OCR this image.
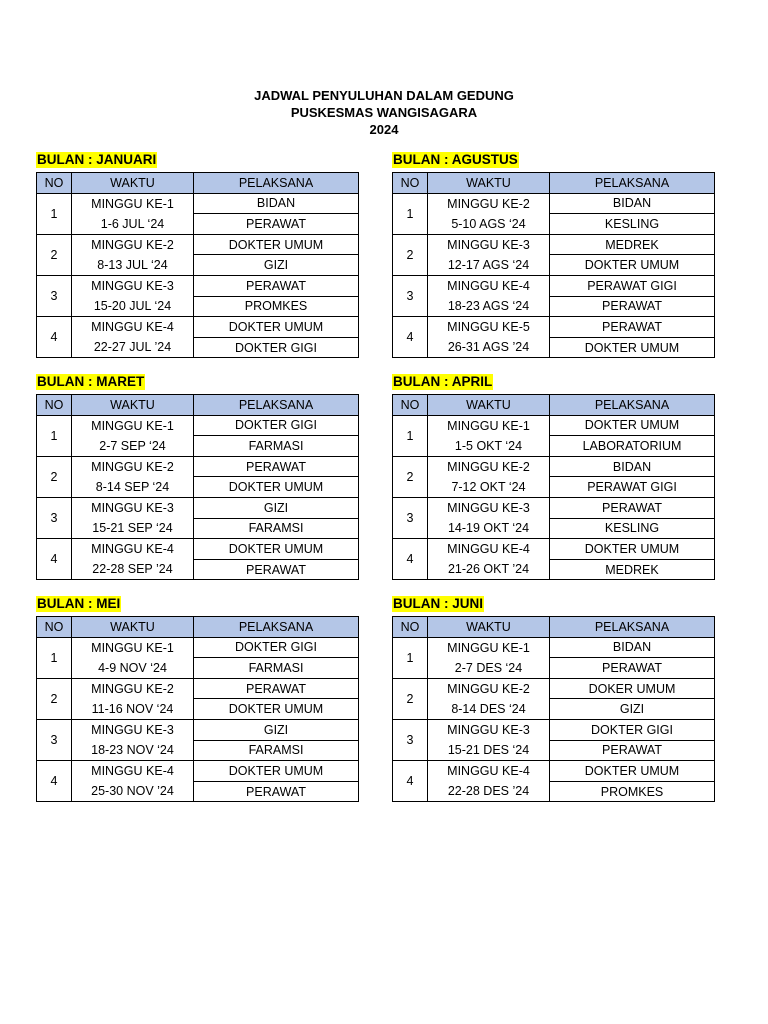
JADWAL PENYULUHAN DALAM GEDUNG
PUSKESMAS WANGISAGARA
2024
BULAN : JANUARI

NO	WAKTU	PELAKSANA
1	MINGGU KE-1	BIDAN
	1-6 JUL ‘24	PERAWAT
2	MINGGU KE-2	DOKTER UMUM
	8-13 JUL ‘24	GIZI
3	MINGGU KE-3	PERAWAT
	15-20 JUL ‘24	PROMKES
4	MINGGU KE-4	DOKTER UMUM
	22-27 JUL ’24	DOKTER GIGI
BULAN : AGUSTUS

NO	WAKTU	PELAKSANA
1	MINGGU KE-2	BIDAN
	5-10 AGS ‘24	KESLING
2	MINGGU KE-3	MEDREK
	12-17 AGS ‘24	DOKTER UMUM
3	MINGGU KE-4	PERAWAT GIGI
	18-23 AGS ‘24	PERAWAT
4	MINGGU KE-5	PERAWAT
	26-31 AGS ’24	DOKTER UMUM
BULAN : MARET

NO	WAKTU	PELAKSANA
1	MINGGU KE-1	DOKTER GIGI
	2-7 SEP ‘24	FARMASI
2	MINGGU KE-2	PERAWAT
	8-14 SEP ‘24	DOKTER UMUM
3	MINGGU KE-3	GIZI
	15-21 SEP ‘24	FARAMSI
4	MINGGU KE-4	DOKTER UMUM
	22-28 SEP ’24	PERAWAT
BULAN : APRIL

NO	WAKTU	PELAKSANA
1	MINGGU KE-1	DOKTER UMUM
	1-5 OKT ‘24	LABORATORIUM
2	MINGGU KE-2	BIDAN
	7-12 OKT ‘24	PERAWAT GIGI
3	MINGGU KE-3	PERAWAT
	14-19 OKT ‘24	KESLING
4	MINGGU KE-4	DOKTER UMUM
	21-26 OKT ’24	MEDREK
BULAN : MEI

NO	WAKTU	PELAKSANA
1	MINGGU KE-1	DOKTER GIGI
	4-9 NOV ‘24	FARMASI
2	MINGGU KE-2	PERAWAT
	11-16 NOV ‘24	DOKTER UMUM
3	MINGGU KE-3	GIZI
	18-23 NOV ‘24	FARAMSI
4	MINGGU KE-4	DOKTER UMUM
	25-30 NOV ’24	PERAWAT
BULAN : JUNI

NO	WAKTU	PELAKSANA
1	MINGGU KE-1	BIDAN
	2-7 DES ‘24	PERAWAT
2	MINGGU KE-2	DOKER UMUM
	8-14 DES ‘24	GIZI
3	MINGGU KE-3	DOKTER GIGI
	15-21 DES ‘24	PERAWAT
4	MINGGU KE-4	DOKTER UMUM
	22-28 DES ’24	PROMKES
